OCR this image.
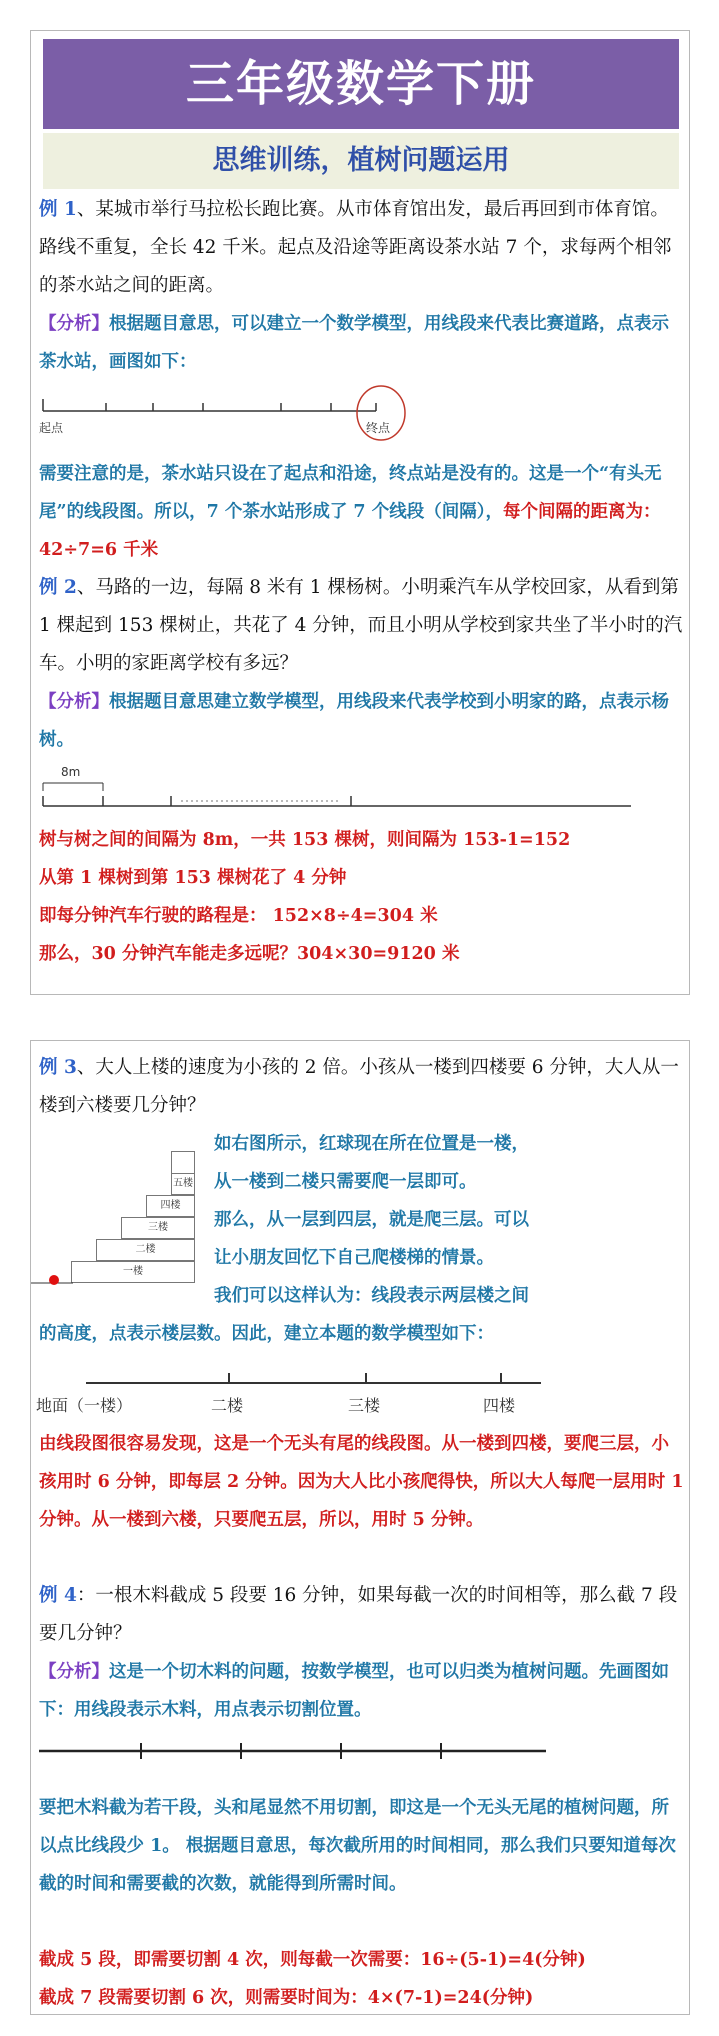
三年级数学下册
思维训练，植树问题运用

例 1、某城市举行马拉松长跑比赛。从市体育馆出发，最后再回到市体育馆。路线不重复，全长 42 千米。起点及沿途等距离设茶水站 7 个，求每两个相邻的茶水站之间的距离。

【分析】根据题目意思，可以建立一个数学模型，用线段来代表比赛道路，点表示茶水站，画图如下：

起点	终点

需要注意的是，茶水站只设在了起点和沿途，终点站是没有的。这是一个“有头无尾”的线段图。所以，7 个茶水站形成了 7 个线段（间隔），每个间隔的距离为： 42÷7=6 千米

例 2、马路的一边，每隔 8 米有 1 棵杨树。小明乘汽车从学校回家，从看到第 1 棵起到 153 棵树止，共花了 4 分钟，而且小明从学校到家共坐了半小时的汽车。小明的家距离学校有多远？

【分析】根据题目意思建立数学模型，用线段来代表学校到小明家的路，点表示杨树。

8m

树与树之间的间隔为 8m，一共 153 棵树，则间隔为 153-1=152

从第 1 棵树到第 153 棵树花了 4 分钟

即每分钟汽车行驶的路程是： 152×8÷4=304 米

那么，30 分钟汽车能走多远呢？304×30=9120 米

例 3、大人上楼的速度为小孩的 2 倍。小孩从一楼到四楼要 6 分钟，大人从一楼到六楼要几分钟？

一楼
二楼
三楼
四楼
五楼

如右图所示，红球现在所在位置是一楼，

从一楼到二楼只需要爬一层即可。

那么，从一层到四层，就是爬三层。可以

让小朋友回忆下自己爬楼梯的情景。

我们可以这样认为：线段表示两层楼之间

的高度，点表示楼层数。因此，建立本题的数学模型如下：

地面（一楼）	二楼	三楼	四楼

由线段图很容易发现，这是一个无头有尾的线段图。从一楼到四楼，要爬三层，小孩用时 6 分钟，即每层 2 分钟。因为大人比小孩爬得快，所以大人每爬一层用时 1 分钟。从一楼到六楼，只要爬五层，所以，用时 5 分钟。

例 4：一根木料截成 5 段要 16 分钟，如果每截一次的时间相等，那么截 7 段要几分钟？

【分析】这是一个切木料的问题，按数学模型，也可以归类为植树问题。先画图如下：用线段表示木料，用点表示切割位置。

要把木料截为若干段，头和尾显然不用切割，即这是一个无头无尾的植树问题，所以点比线段少 1。 根据题目意思，每次截所用的时间相同，那么我们只要知道每次截的时间和需要截的次数，就能得到所需时间。

截成 5 段，即需要切割 4 次，则每截一次需要：16÷(5-1)=4(分钟)

截成 7 段需要切割 6 次，则需要时间为：4×(7-1)=24(分钟)
